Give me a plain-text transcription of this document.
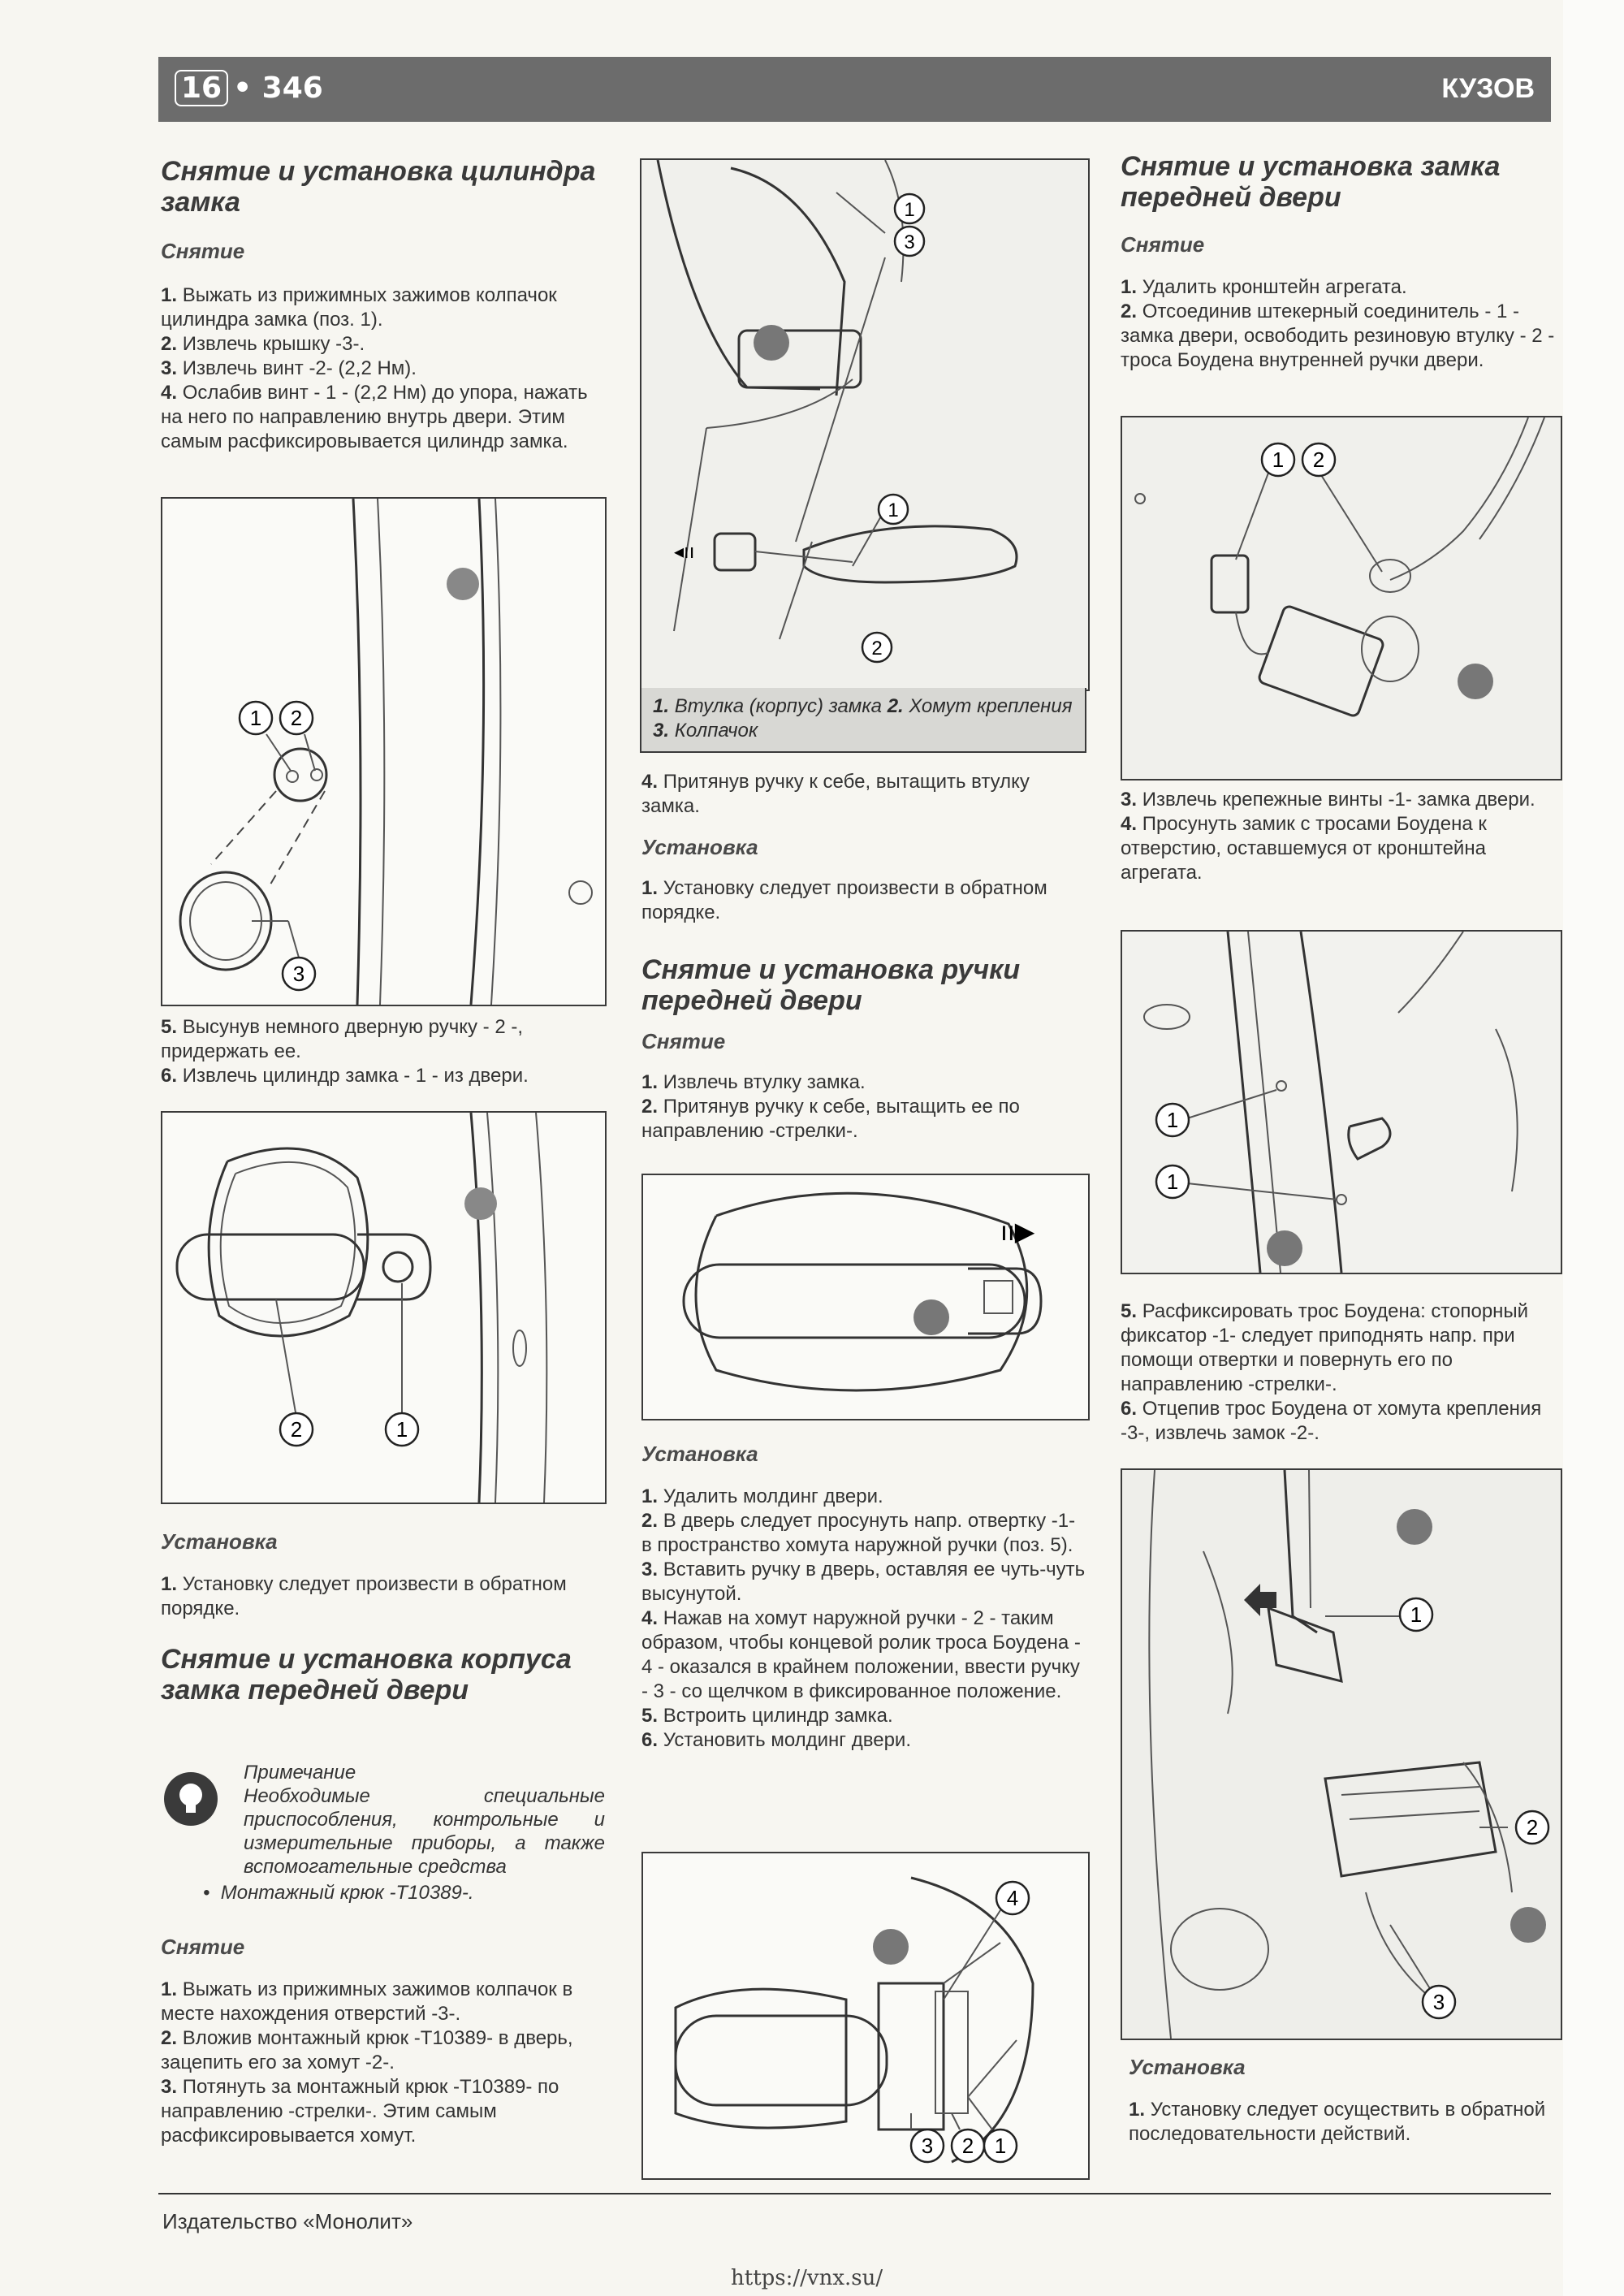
16 • 346	КУЗОВ
Снятие и установка цилиндра замка
Снятие

1. Выжать из прижимных зажимов колпачок цилиндра замка (поз. 1).

2. Извлечь крышку -3-.

3. Извлечь винт -2- (2,2 Нм).

4. Ослабив винт - 1 - (2,2 Нм) до упора, нажать на него по направлению внутрь двери. Этим самым расфиксировывается цилиндр замка.

1 2
3

5. Высунув немного дверную ручку - 2 -, придержать ее.

6. Извлечь цилиндр замка - 1 - из двери.

2	1
Установка

1. Установку следует произвести в обратном порядке.

Снятие и установка корпуса замка передней двери
Примечание
Необходимые специальные приспособления, контрольные и измерительные приборы, а также вспомогательные средства
•  Монтажный крюк -T10389-.
Снятие

1. Выжать из прижимных зажимов колпачок в месте нахождения отверстий -3-.

2. Вложив монтажный крюк -T10389- в дверь, зацепить его за хомут -2-.

3. Потянуть за монтажный крюк -T10389- по направлению -стрелки-. Этим самым расфиксировывается хомут.

1
3
◂ıı
1
2
1. Втулка (корпус) замка 2. Хомут крепления 3. Колпачок

4. Притянув ручку к себе, вытащить втулку замка.

Установка

1. Установку следует произвести в обратном порядке.

Снятие и установка ручки передней двери
Снятие

1. Извлечь втулку замка.

2. Притянув ручку к себе, вытащить ее по направлению -стрелки-.

ıı▶
Установка

1. Удалить молдинг двери.

2. В дверь следует просунуть напр. отвертку -1- в пространство хомута наружной ручки (поз. 5).

3. Вставить ручку в дверь, оставляя ее чуть-чуть высунутой.

4. Нажав на хомут наружной ручки - 2 - таким образом, чтобы концевой ролик троса Боудена - 4 - оказался в крайнем положении, ввести ручку - 3 - со щелчком в фиксированное положение.

5. Встроить цилиндр замка.

6. Установить молдинг двери.

4
3 2 1
Снятие и установка замка передней двери
Снятие

1. Удалить кронштейн агрегата.

2. Отсоединив штекерный соединитель - 1 - замка двери, освободить резиновую втулку - 2 - троса Боудена внутренней ручки двери.

1 2

3. Извлечь крепежные винты -1- замка двери.

4. Просунуть замик с тросами Боудена к отверстию, оставшемуся от кронштейна агрегата.

1
1

5. Расфиксировать трос Боудена: стопорный фиксатор -1- следует приподнять напр. при помощи отвертки и повернуть его по направлению -стрелки-.

6. Отцепив трос Боудена от хомута крепления -3-, извлечь замок -2-.

1
2
3
Установка

1. Установку следует осуществить в обратной последовательности действий.

Издательство «Монолит»
https://vnx.su/
